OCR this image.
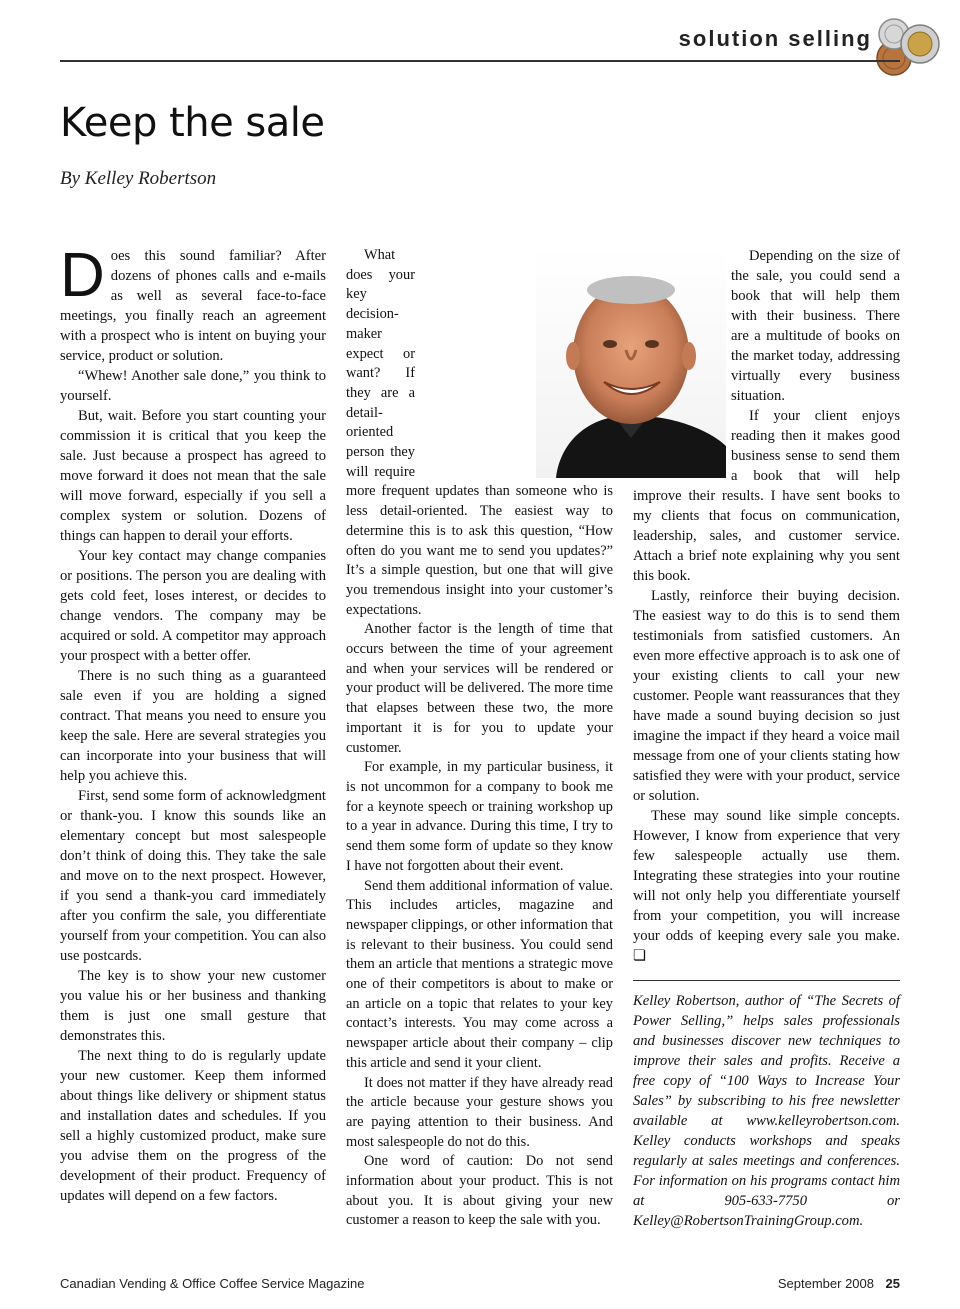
solution selling
Keep the sale
By Kelley Robertson

Does this sound familiar? After dozens of phones calls and e-mails as well as several face-to-face meetings, you finally reach an agreement with a prospect who is intent on buying your service, product or solution.

“Whew! Another sale done,” you think to yourself.

But, wait. Before you start counting your commission it is critical that you keep the sale. Just because a prospect has agreed to move forward it does not mean that the sale will move forward, especially if you sell a complex system or solution. Dozens of things can happen to derail your efforts.

Your key contact may change companies or positions. The person you are dealing with gets cold feet, loses interest, or decides to change vendors. The company may be acquired or sold. A competitor may approach your prospect with a better offer.

There is no such thing as a guaranteed sale even if you are holding a signed contract. That means you need to ensure you keep the sale. Here are several strategies you can incorporate into your business that will help you achieve this.

First, send some form of acknowledgment or thank-you. I know this sounds like an elementary concept but most salespeople don’t think of doing this. They take the sale and move on to the next prospect. However, if you send a thank-you card immediately after you confirm the sale, you differentiate yourself from your competition. You can also use postcards.

The key is to show your new customer you value his or her business and thanking them is just one small gesture that demonstrates this.

The next thing to do is regularly update your new customer. Keep them informed about things like delivery or shipment status and installation dates and schedules. If you sell a highly customized product, make sure you advise them on the progress of the development of their product. Frequency of updates will depend on a few factors.

What does your key decision-maker expect or want? If they are a detail-oriented person they will require more frequent updates than someone who is less detail-oriented. The easiest way to determine this is to ask this question, “How often do you want me to send you updates?” It’s a simple question, but one that will give you tremendous insight into your customer’s expectations.

Another factor is the length of time that occurs between the time of your agreement and when your services will be rendered or your product will be delivered. The more time that elapses between these two, the more important it is for you to update your customer.

For example, in my particular business, it is not uncommon for a company to book me for a keynote speech or training workshop up to a year in advance. During this time, I try to send them some form of update so they know I have not forgotten about their event.

Send them additional information of value. This includes articles, magazine and newspaper clippings, or other information that is relevant to their business. You could send them an article that mentions a strategic move one of their competitors is about to make or an article on a topic that relates to your key contact’s interests. You may come across a newspaper article about their company – clip this article and send it your client.

It does not matter if they have already read the article because your gesture shows you are paying attention to their business. And most salespeople do not do this.

One word of caution: Do not send information about your product. This is not about you. It is about giving your new customer a reason to keep the sale with you.

Depending on the size of the sale, you could send a book that will help them with their business. There are a multitude of books on the market today, addressing virtually every business situation.

If your client enjoys reading then it makes good business sense to send them a book that will help improve their results. I have sent books to my clients that focus on communication, leadership, sales, and customer service. Attach a brief note explaining why you sent this book.

Lastly, reinforce their buying decision. The easiest way to do this is to send them testimonials from satisfied customers. An even more effective approach is to ask one of your existing clients to call your new customer. People want reassurances that they have made a sound buying decision so just imagine the impact if they heard a voice mail message from one of your clients stating how satisfied they were with your product, service or solution.

These may sound like simple concepts. However, I know from experience that very few salespeople actually use them. Integrating these strategies into your routine will not only help you differentiate yourself from your competition, you will increase your odds of keeping every sale you make. ❏

Kelley Robertson, author of “The Secrets of Power Selling,” helps sales professionals and businesses discover new techniques to improve their sales and profits. Receive a free copy of “100 Ways to Increase Your Sales” by subscribing to his free newsletter available at www.kelleyrobertson.com. Kelley conducts workshops and speaks regularly at sales meetings and conferences. For information on his programs contact him at 905-633-7750 or Kelley@RobertsonTrainingGroup.com.

Canadian Vending & Office Coffee Service Magazine	September 2008 25
